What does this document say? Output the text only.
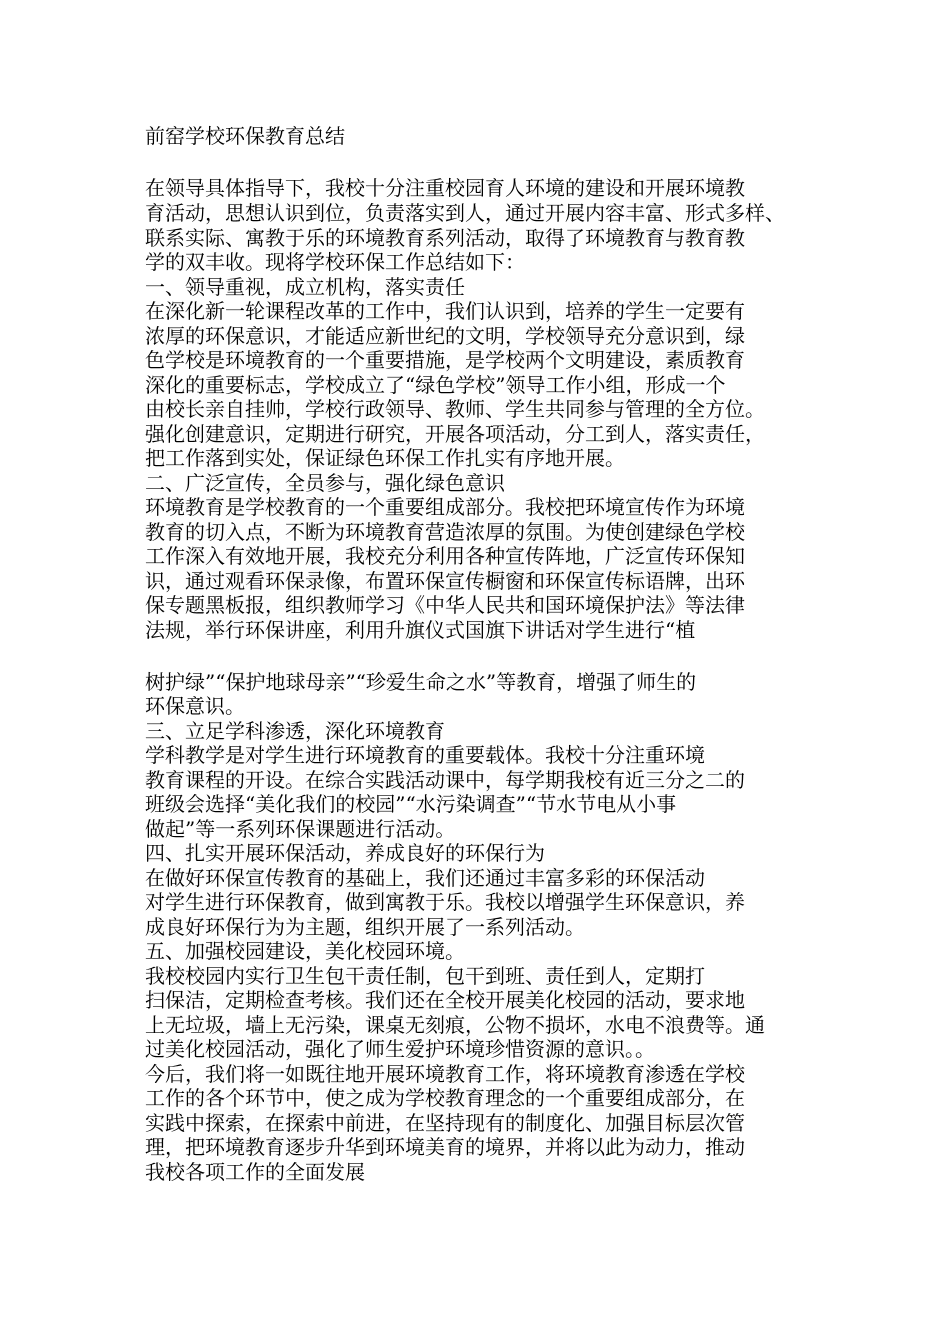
前窑学校环保教育总结
在领导具体指导下，我校十分注重校园育人环境的建设和开展环境教
育活动，思想认识到位，负责落实到人，通过开展内容丰富、形式多样、
联系实际、寓教于乐的环境教育系列活动，取得了环境教育与教育教
学的双丰收。现将学校环保工作总结如下：
一、领导重视，成立机构，落实责任
在深化新一轮课程改革的工作中，我们认识到，培养的学生一定要有
浓厚的环保意识，才能适应新世纪的文明，学校领导充分意识到，绿
色学校是环境教育的一个重要措施，是学校两个文明建设，素质教育
深化的重要标志，学校成立了“绿色学校”领导工作小组，形成一个
由校长亲自挂帅，学校行政领导、教师、学生共同参与管理的全方位。
强化创建意识，定期进行研究，开展各项活动，分工到人，落实责任，
把工作落到实处，保证绿色环保工作扎实有序地开展。
二、广泛宣传，全员参与，强化绿色意识
环境教育是学校教育的一个重要组成部分。我校把环境宣传作为环境
教育的切入点，不断为环境教育营造浓厚的氛围。为使创建绿色学校
工作深入有效地开展，我校充分利用各种宣传阵地，广泛宣传环保知
识，通过观看环保录像，布置环保宣传橱窗和环保宣传标语牌，出环
保专题黑板报，组织教师学习《中华人民共和国环境保护法》等法律
法规，举行环保讲座，利用升旗仪式国旗下讲话对学生进行“植
树护绿”“保护地球母亲”“珍爱生命之水”等教育，增强了师生的
环保意识。
三、立足学科渗透，深化环境教育
学科教学是对学生进行环境教育的重要载体。我校十分注重环境
教育课程的开设。在综合实践活动课中，每学期我校有近三分之二的
班级会选择“美化我们的校园”“水污染调查”“节水节电从小事
做起”等一系列环保课题进行活动。
四、扎实开展环保活动，养成良好的环保行为
在做好环保宣传教育的基础上，我们还通过丰富多彩的环保活动
对学生进行环保教育，做到寓教于乐。我校以增强学生环保意识，养
成良好环保行为为主题，组织开展了一系列活动。
五、加强校园建设，美化校园环境。
我校校园内实行卫生包干责任制，包干到班、责任到人，定期打
扫保洁，定期检查考核。我们还在全校开展美化校园的活动，要求地
上无垃圾，墙上无污染，课桌无刻痕，公物不损坏，水电不浪费等。通
过美化校园活动，强化了师生爱护环境珍惜资源的意识。。
今后，我们将一如既往地开展环境教育工作，将环境教育渗透在学校
工作的各个环节中，使之成为学校教育理念的一个重要组成部分，在
实践中探索，在探索中前进，在坚持现有的制度化、加强目标层次管
理，把环境教育逐步升华到环境美育的境界，并将以此为动力，推动
我校各项工作的全面发展
